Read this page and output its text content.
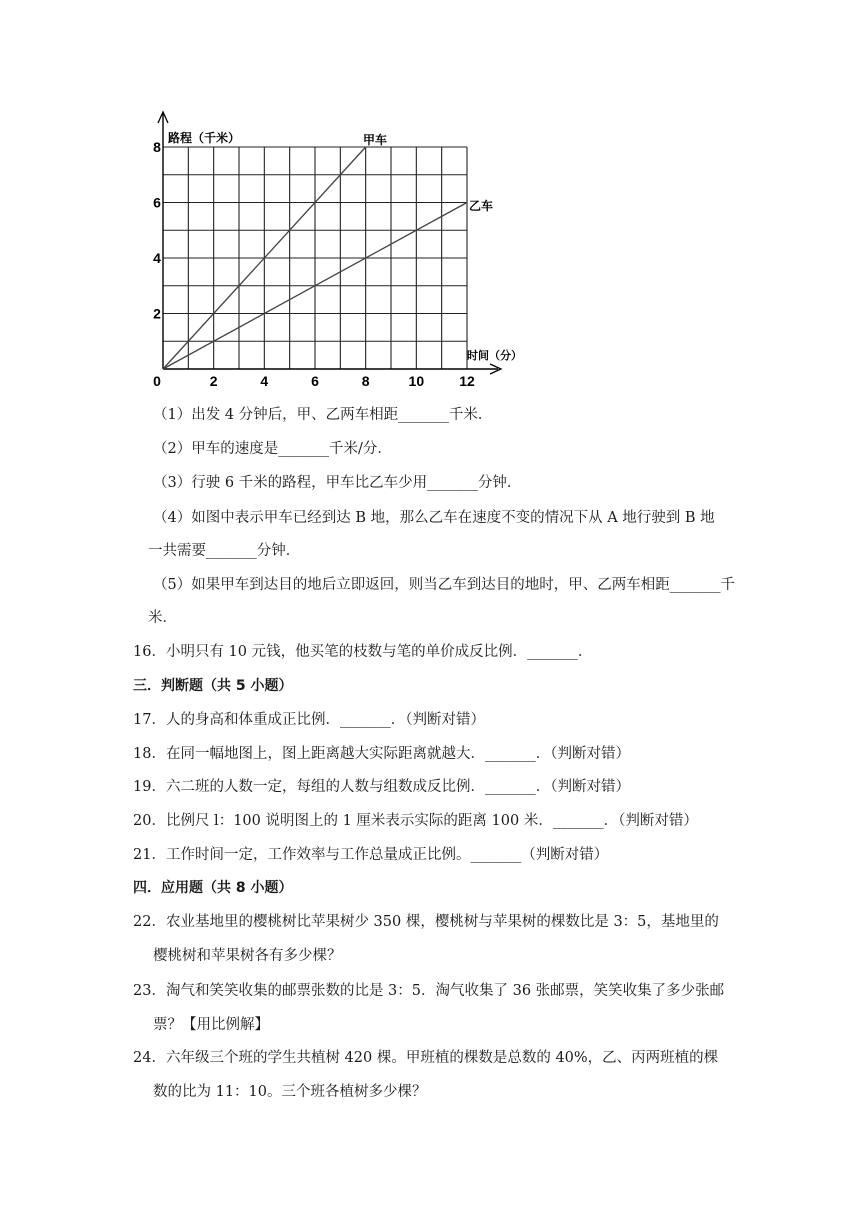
0	2	4	6	8	10	12
2
4
6
8
路程（千米）
时间（分）
甲车
乙车
（1）出发 4 分钟后，甲、乙两车相距_______千米．
（2）甲车的速度是_______千米/分．
（3）行驶 6 千米的路程，甲车比乙车少用_______分钟．
（4）如图中表示甲车已经到达 B 地，那么乙车在速度不变的情况下从 A 地行驶到 B 地
一共需要_______分钟．
（5）如果甲车到达目的地后立即返回，则当乙车到达目的地时，甲、乙两车相距_______千
米．
16．小明只有 10 元钱，他买笔的枝数与笔的单价成反比例．_______．
三．判断题（共 5 小题）
17．人的身高和体重成正比例．_______．（判断对错）
18．在同一幅地图上，图上距离越大实际距离就越大．_______．（判断对错）
19．六二班的人数一定，每组的人数与组数成反比例．_______．（判断对错）
20．比例尺 l：100 说明图上的 1 厘米表示实际的距离 100 米．_______．（判断对错）
21．工作时间一定，工作效率与工作总量成正比例。_______（判断对错）
四．应用题（共 8 小题）
22．农业基地里的樱桃树比苹果树少 350 棵，樱桃树与苹果树的棵数比是 3：5，基地里的
樱桃树和苹果树各有多少棵？
23．淘气和笑笑收集的邮票张数的比是 3：5．淘气收集了 36 张邮票，笑笑收集了多少张邮
票？【用比例解】
24．六年级三个班的学生共植树 420 棵。甲班植的棵数是总数的 40%，乙、丙两班植的棵
数的比为 11：10。三个班各植树多少棵？
